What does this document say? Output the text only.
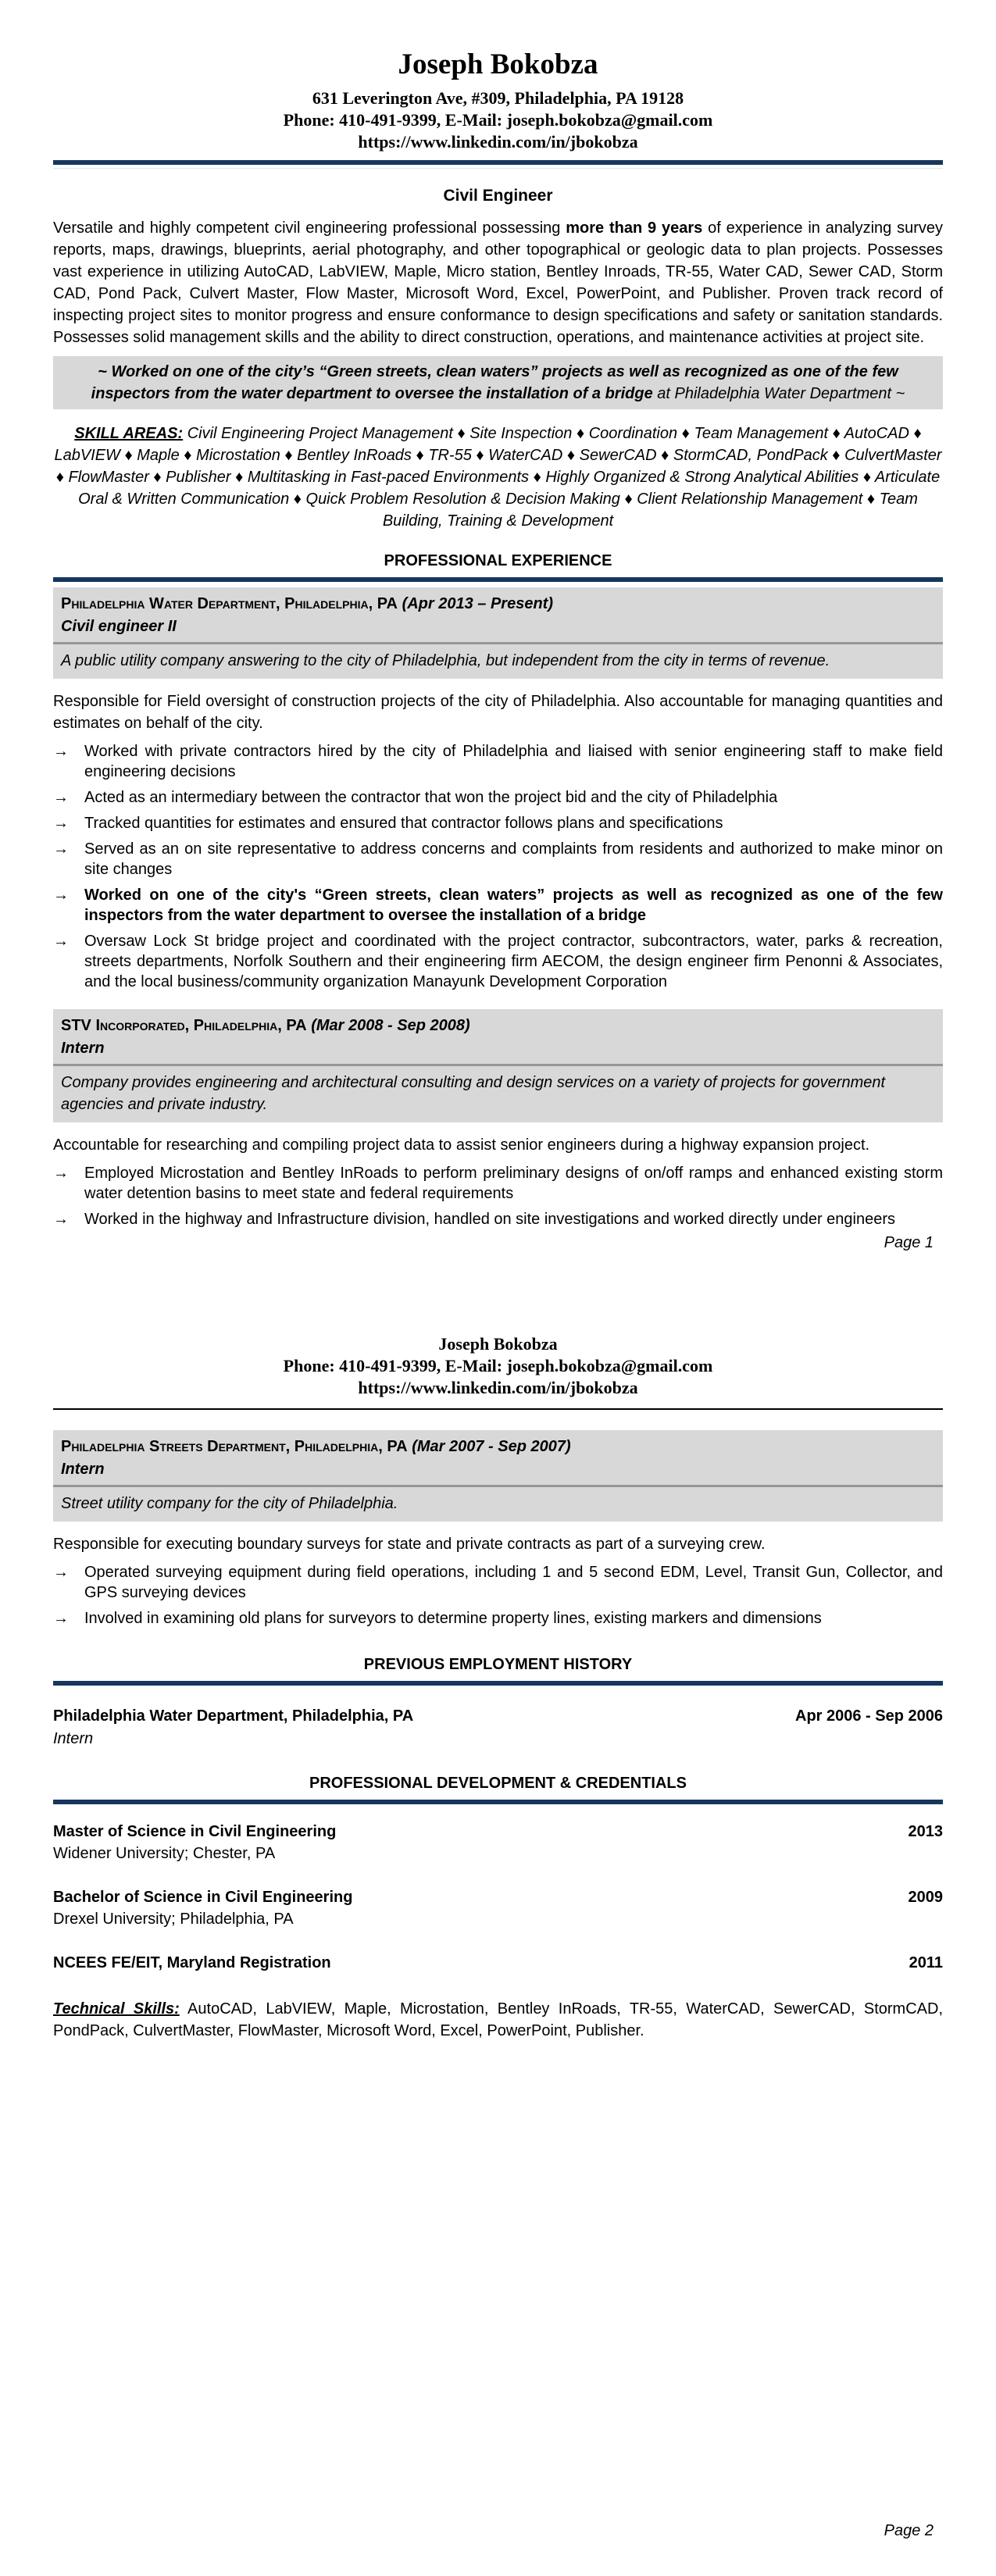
Joseph Bokobza
631 Leverington Ave, #309, Philadelphia, PA 19128
Phone: 410-491-9399, E-Mail: joseph.bokobza@gmail.com
https://www.linkedin.com/in/jbokobza
Civil Engineer

Versatile and highly competent civil engineering professional possessing more than 9 years of experience in analyzing survey reports, maps, drawings, blueprints, aerial photography, and other topographical or geologic data to plan projects. Possesses vast experience in utilizing AutoCAD, LabVIEW, Maple, Micro station, Bentley Inroads, TR-55, Water CAD, Sewer CAD, Storm CAD, Pond Pack, Culvert Master, Flow Master, Microsoft Word, Excel, PowerPoint, and Publisher. Proven track record of inspecting project sites to monitor progress and ensure conformance to design specifications and safety or sanitation standards. Possesses solid management skills and the ability to direct construction, operations, and maintenance activities at project site.

~ Worked on one of the city’s “Green streets, clean waters” projects as well as recognized as one of the few inspectors from the water department to oversee the installation of a bridge at Philadelphia Water Department ~

SKILL AREAS: Civil Engineering Project Management ♦ Site Inspection ♦ Coordination ♦ Team Management ♦ AutoCAD ♦ LabVIEW ♦ Maple ♦ Microstation ♦ Bentley InRoads ♦ TR-55 ♦ WaterCAD ♦ SewerCAD ♦ StormCAD, PondPack ♦ CulvertMaster ♦ FlowMaster ♦ Publisher ♦ Multitasking in Fast-paced Environments ♦ Highly Organized & Strong Analytical Abilities ♦ Articulate Oral & Written Communication ♦ Quick Problem Resolution & Decision Making ♦ Client Relationship Management ♦ Team Building, Training & Development

PROFESSIONAL EXPERIENCE
Philadelphia Water Department, Philadelphia, PA (Apr 2013 – Present)
Civil engineer II
A public utility company answering to the city of Philadelphia, but independent from the city in terms of revenue.

Responsible for Field oversight of construction projects of the city of Philadelphia. Also accountable for managing quantities and estimates on behalf of the city.

→	Worked with private contractors hired by the city of Philadelphia and liaised with senior engineering staff to make field engineering decisions
→	Acted as an intermediary between the contractor that won the project bid and the city of Philadelphia
→	Tracked quantities for estimates and ensured that contractor follows plans and specifications
→	Served as an on site representative to address concerns and complaints from residents and authorized to make minor on site changes
→	Worked on one of the city's “Green streets, clean waters” projects as well as recognized as one of the few inspectors from the water department to oversee the installation of a bridge
→	Oversaw Lock St bridge project and coordinated with the project contractor, subcontractors, water, parks & recreation, streets departments, Norfolk Southern and their engineering firm AECOM, the design engineer firm Penonni & Associates, and the local business/community organization Manayunk Development Corporation
STV Incorporated, Philadelphia, PA (Mar 2008 - Sep 2008)
Intern
Company provides engineering and architectural consulting and design services on a variety of projects for government agencies and private industry.

Accountable for researching and compiling project data to assist senior engineers during a highway expansion project.

→	Employed Microstation and Bentley InRoads to perform preliminary designs of on/off ramps and enhanced existing storm water detention basins to meet state and federal requirements
→	Worked in the highway and Infrastructure division, handled on site investigations and worked directly under engineers
Page 1
Joseph Bokobza
Phone: 410-491-9399, E-Mail: joseph.bokobza@gmail.com
https://www.linkedin.com/in/jbokobza
Philadelphia Streets Department, Philadelphia, PA (Mar 2007 - Sep 2007)
Intern
Street utility company for the city of Philadelphia.

Responsible for executing boundary surveys for state and private contracts as part of a surveying crew.

→	Operated surveying equipment during field operations, including 1 and 5 second EDM, Level, Transit Gun, Collector, and GPS surveying devices
→	Involved in examining old plans for surveyors to determine property lines, existing markers and dimensions
PREVIOUS EMPLOYMENT HISTORY
Philadelphia Water Department, Philadelphia, PA	Apr 2006 - Sep 2006
Intern
PROFESSIONAL DEVELOPMENT & CREDENTIALS
Master of Science in Civil Engineering	2013
Widener University; Chester, PA
Bachelor of Science in Civil Engineering	2009
Drexel University; Philadelphia, PA
NCEES FE/EIT, Maryland Registration	2011

Technical Skills: AutoCAD, LabVIEW, Maple, Microstation, Bentley InRoads, TR-55, WaterCAD, SewerCAD, StormCAD, PondPack, CulvertMaster, FlowMaster, Microsoft Word, Excel, PowerPoint, Publisher.

Page 2
